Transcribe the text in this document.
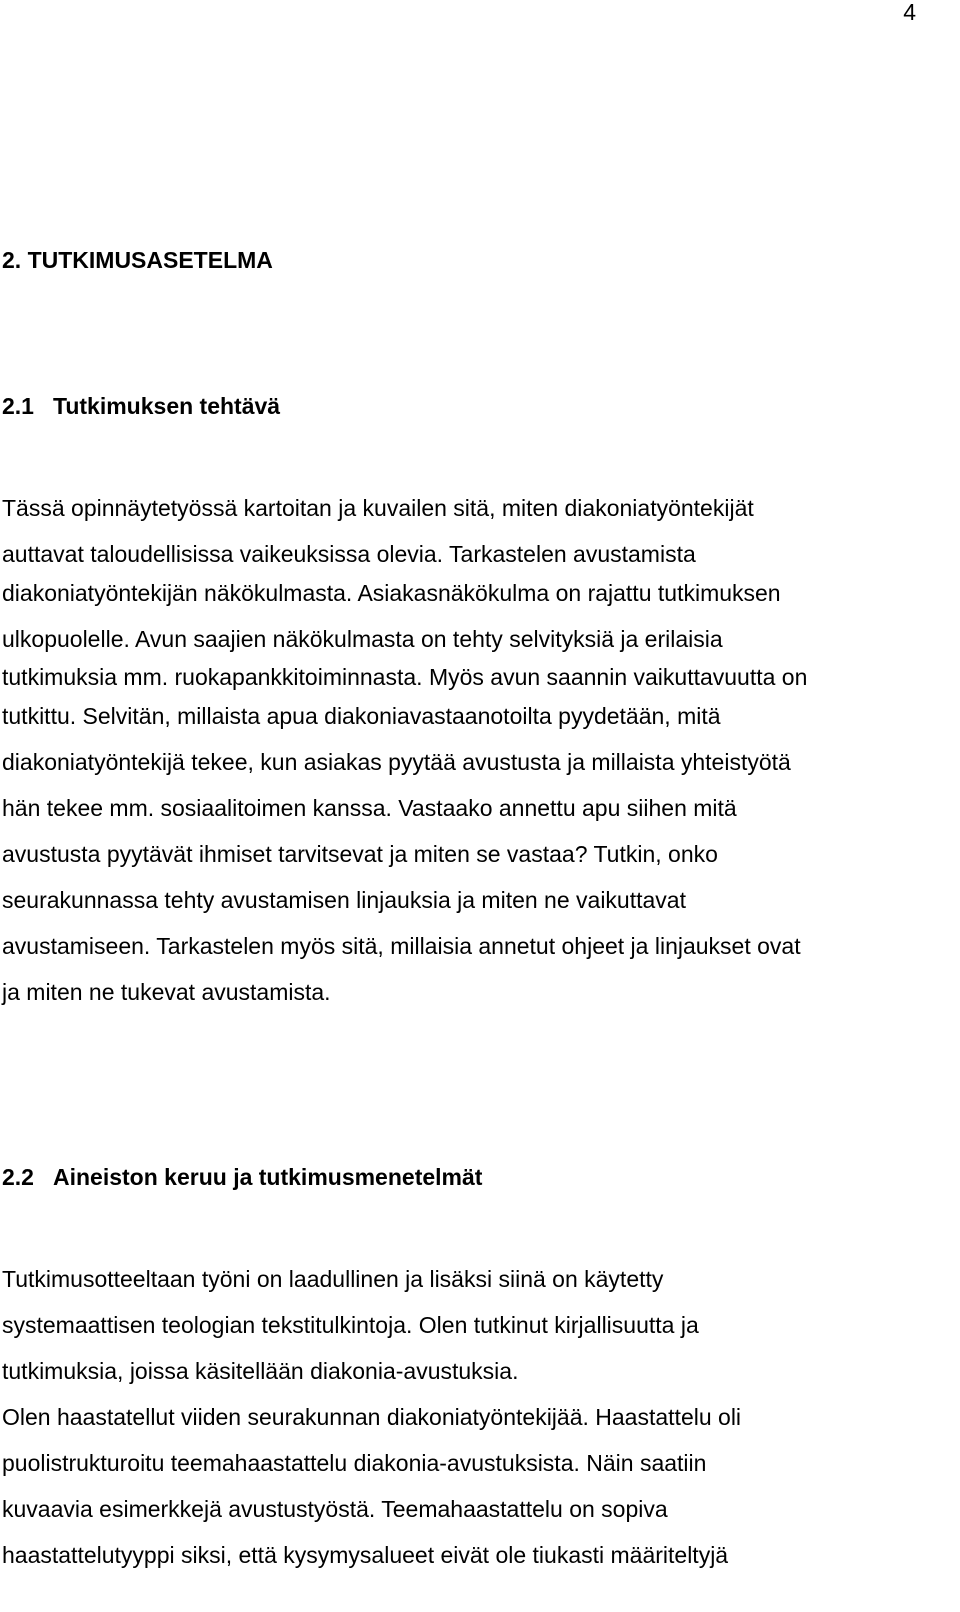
4
2. TUTKIMUSASETELMA
2.1 Tutkimuksen tehtävä
Tässä opinnäytetyössä kartoitan ja kuvailen sitä, miten diakoniatyöntekijät
auttavat taloudellisissa vaikeuksissa olevia. Tarkastelen avustamista
diakoniatyöntekijän näkökulmasta. Asiakasnäkökulma on rajattu tutkimuksen
ulkopuolelle. Avun saajien näkökulmasta on tehty selvityksiä ja erilaisia
tutkimuksia mm. ruokapankkitoiminnasta. Myös avun saannin vaikuttavuutta on
tutkittu. Selvitän, millaista apua diakoniavastaanotoilta pyydetään, mitä
diakoniatyöntekijä tekee, kun asiakas pyytää avustusta ja millaista yhteistyötä
hän tekee mm. sosiaalitoimen kanssa. Vastaako annettu apu siihen mitä
avustusta pyytävät ihmiset tarvitsevat ja miten se vastaa? Tutkin, onko
seurakunnassa tehty avustamisen linjauksia ja miten ne vaikuttavat
avustamiseen. Tarkastelen myös sitä, millaisia annetut ohjeet ja linjaukset ovat
ja miten ne tukevat avustamista.
2.2 Aineiston keruu ja tutkimusmenetelmät
Tutkimusotteeltaan työni on laadullinen ja lisäksi siinä on käytetty
systemaattisen teologian tekstitulkintoja. Olen tutkinut kirjallisuutta ja
tutkimuksia, joissa käsitellään diakonia-avustuksia.
Olen haastatellut viiden seurakunnan diakoniatyöntekijää. Haastattelu oli
puolistrukturoitu teemahaastattelu diakonia-avustuksista. Näin saatiin
kuvaavia esimerkkejä avustustyöstä. Teemahaastattelu on sopiva
haastattelutyyppi siksi, että kysymysalueet eivät ole tiukasti määriteltyjä
